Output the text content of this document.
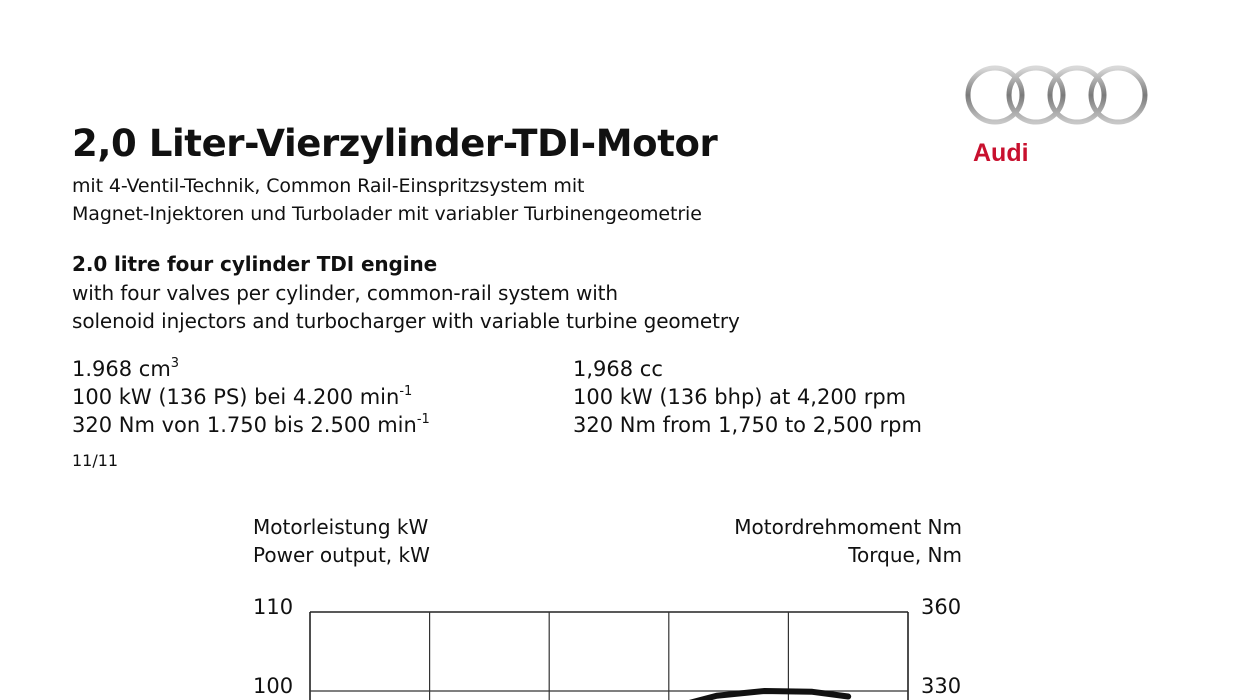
Audi
2,0 Liter-Vierzylinder-TDI-Motor
mit 4-Ventil-Technik, Common Rail-Einspritzsystem mit
Magnet-Injektoren und Turbolader mit variabler Turbinengeometrie
2.0 litre four cylinder TDI engine
with four valves per cylinder, common-rail system with
solenoid injectors and turbocharger with variable turbine geometry
1.968 $cm^3$
100 kW (136 PS) bei 4.200 $\min^{-1}$
320 Nm von 1.750 bis 2.500 $\min^{-1}$
1,968 cc
100 kW (136 bhp) at 4,200 rpm
320 Nm from 1,750 to 2,500 rpm
11/11
Motorleistung kW
Power output, kW
Motordrehmoment Nm
Torque, Nm
110
100
360
330
